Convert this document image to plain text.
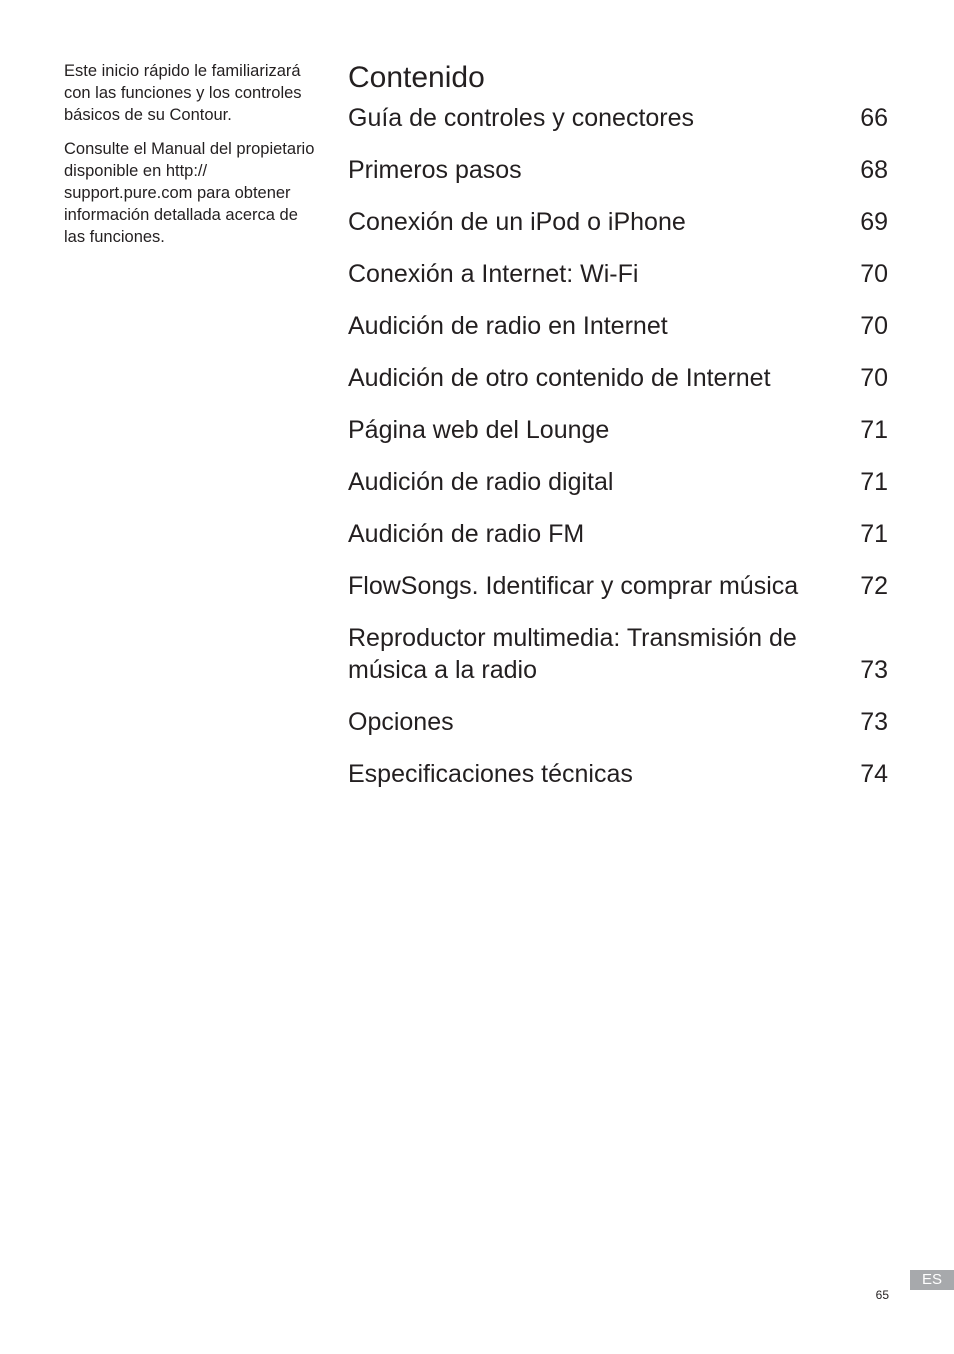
Este inicio rápido le familiarizará con las funciones y los controles básicos de su Contour.

Consulte el Manual del propietario disponible en http:// support.pure.com para obtener información detallada acerca de las funciones.

Contenido
Guía de controles y conectores	66
Primeros pasos	68
Conexión de un iPod o iPhone	69
Conexión a Internet: Wi-Fi	70
Audición de radio en Internet	70
Audición de otro contenido de Internet	70
Página web del Lounge	71
Audición de radio digital	71
Audición de radio FM	71
FlowSongs. Identificar y comprar música	72
Reproductor multimedia: Transmisión de música a la radio	73
Opciones	73
Especificaciones técnicas	74
ES
65
